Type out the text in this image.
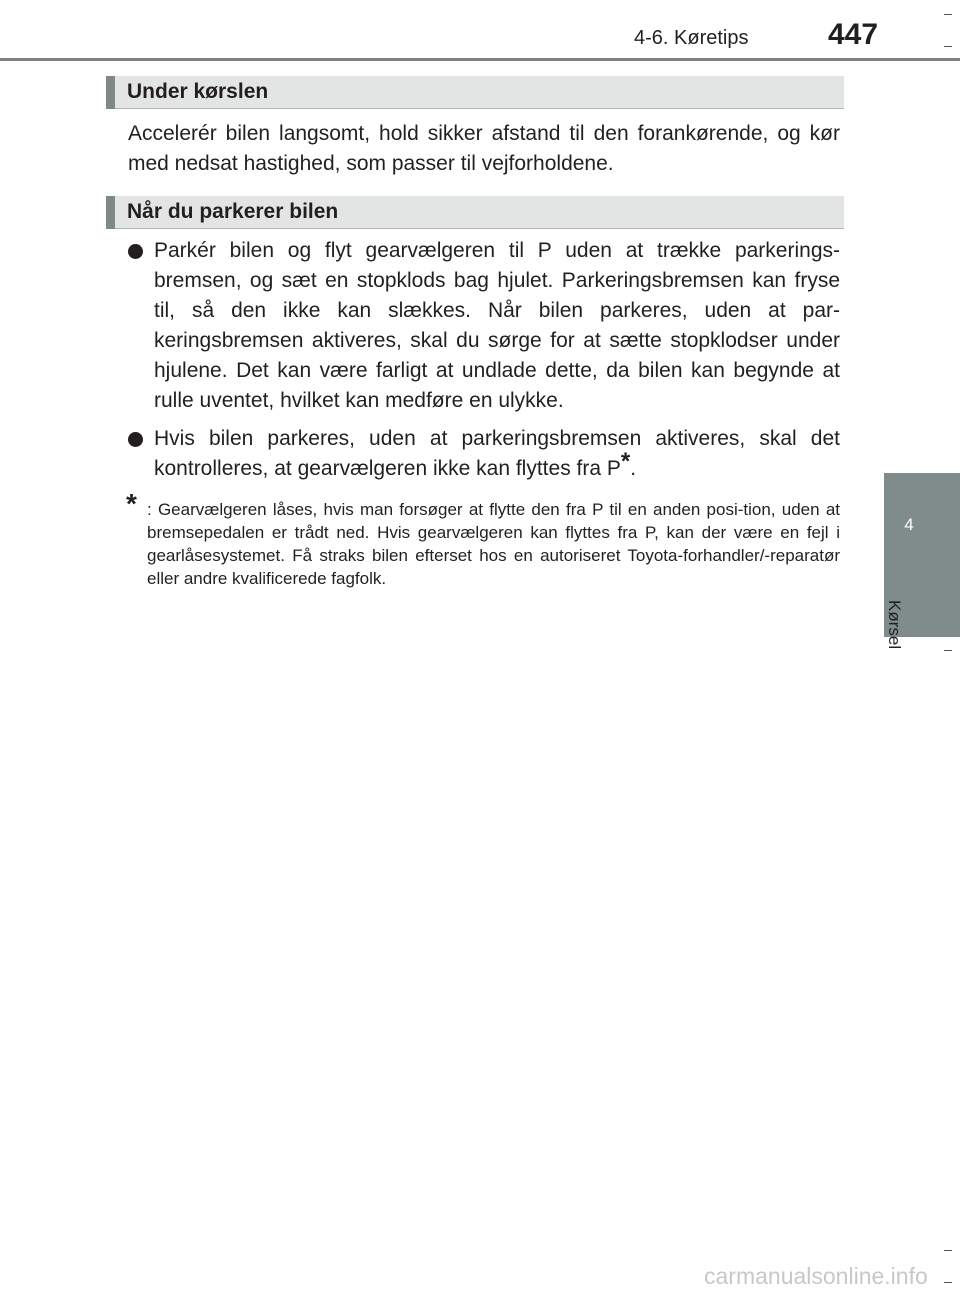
4-6. Køretips	447
4
Kørsel
Under kørslen

Accelerér bilen langsomt, hold sikker afstand til den forankørende, og kør med nedsat hastighed, som passer til vejforholdene.

Når du parkerer bilen

Parkér bilen og flyt gearvælgeren til P uden at trække parkerings-bremsen, og sæt en stopklods bag hjulet. Parkeringsbremsen kan fryse til, så den ikke kan slækkes. Når bilen parkeres, uden at par-keringsbremsen aktiveres, skal du sørge for at sætte stopklodser under hjulene. Det kan være farligt at undlade dette, da bilen kan begynde at rulle uventet, hvilket kan medføre en ulykke.

Hvis bilen parkeres, uden at parkeringsbremsen aktiveres, skal det kontrolleres, at gearvælgeren ikke kan flyttes fra P*.

* : Gearvælgeren låses, hvis man forsøger at flytte den fra P til en anden posi-tion, uden at bremsepedalen er trådt ned. Hvis gearvælgeren kan flyttes fra P, kan der være en fejl i gearlåsesystemet. Få straks bilen efterset hos en autoriseret Toyota-forhandler/-reparatør eller andre kvalificerede fagfolk.

carmanualsonline.info
